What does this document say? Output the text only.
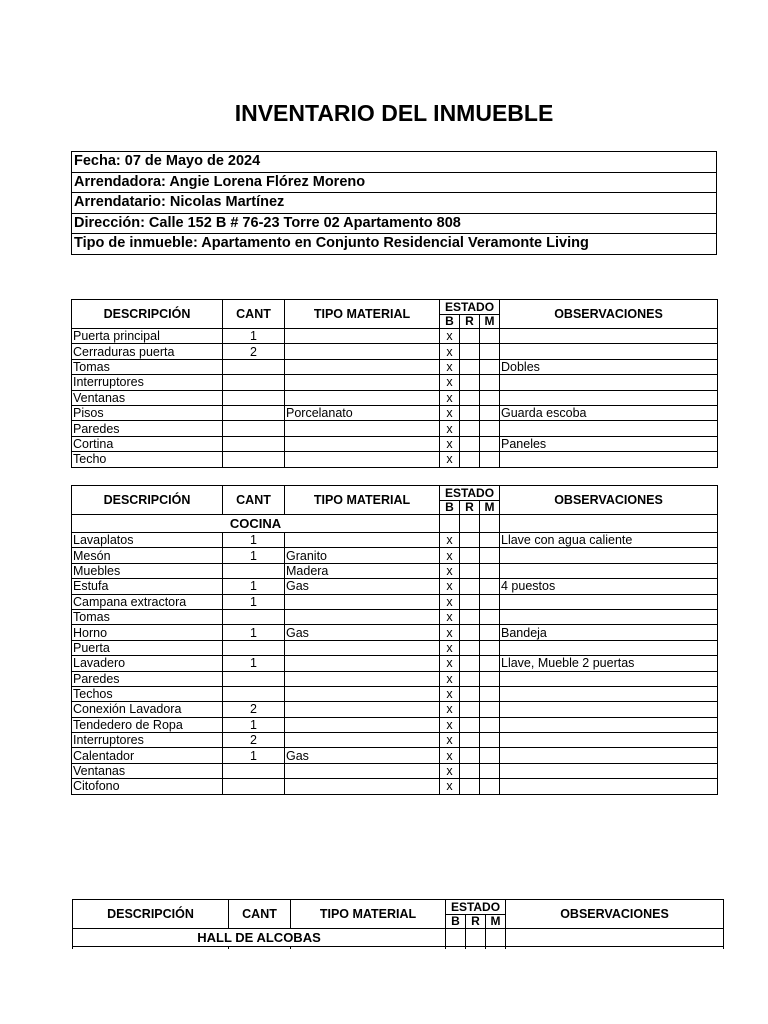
INVENTARIO DEL INMUEBLE
Fecha: 07 de Mayo de 2024
Arrendadora: Angie Lorena Flórez Moreno
Arrendatario: Nicolas Martínez
Dirección: Calle 152 B # 76-23 Torre 02 Apartamento 808
Tipo de inmueble: Apartamento en Conjunto Residencial Veramonte Living
DESCRIPCIÓN	CANT	TIPO MATERIAL	ESTADO			OBSERVACIONES
			B	R	M	
Puerta principal	1		x			
Cerraduras puerta	2		x			
Tomas			x			Dobles
Interruptores			x			
Ventanas			x			
Pisos		Porcelanato	x			Guarda escoba
Paredes			x			
Cortina			x			Paneles
Techo			x			
DESCRIPCIÓN	CANT	TIPO MATERIAL	ESTADO			OBSERVACIONES
			B	R	M	
COCINA						
Lavaplatos	1		x			Llave con agua caliente
Mesón	1	Granito	x			
Muebles		Madera	x			
Estufa	1	Gas	x			4 puestos
Campana extractora	1		x			
Tomas			x			
Horno	1	Gas	x			Bandeja
Puerta			x			
Lavadero	1		x			Llave, Mueble 2 puertas
Paredes			x			
Techos			x			
Conexión Lavadora	2		x			
Tendedero de Ropa	1		x			
Interruptores	2		x			
Calentador	1	Gas	x			
Ventanas			x			
Citofono			x			
DESCRIPCIÓN	CANT	TIPO MATERIAL	ESTADO			OBSERVACIONES
			B	R	M	
HALL DE ALCOBAS						
